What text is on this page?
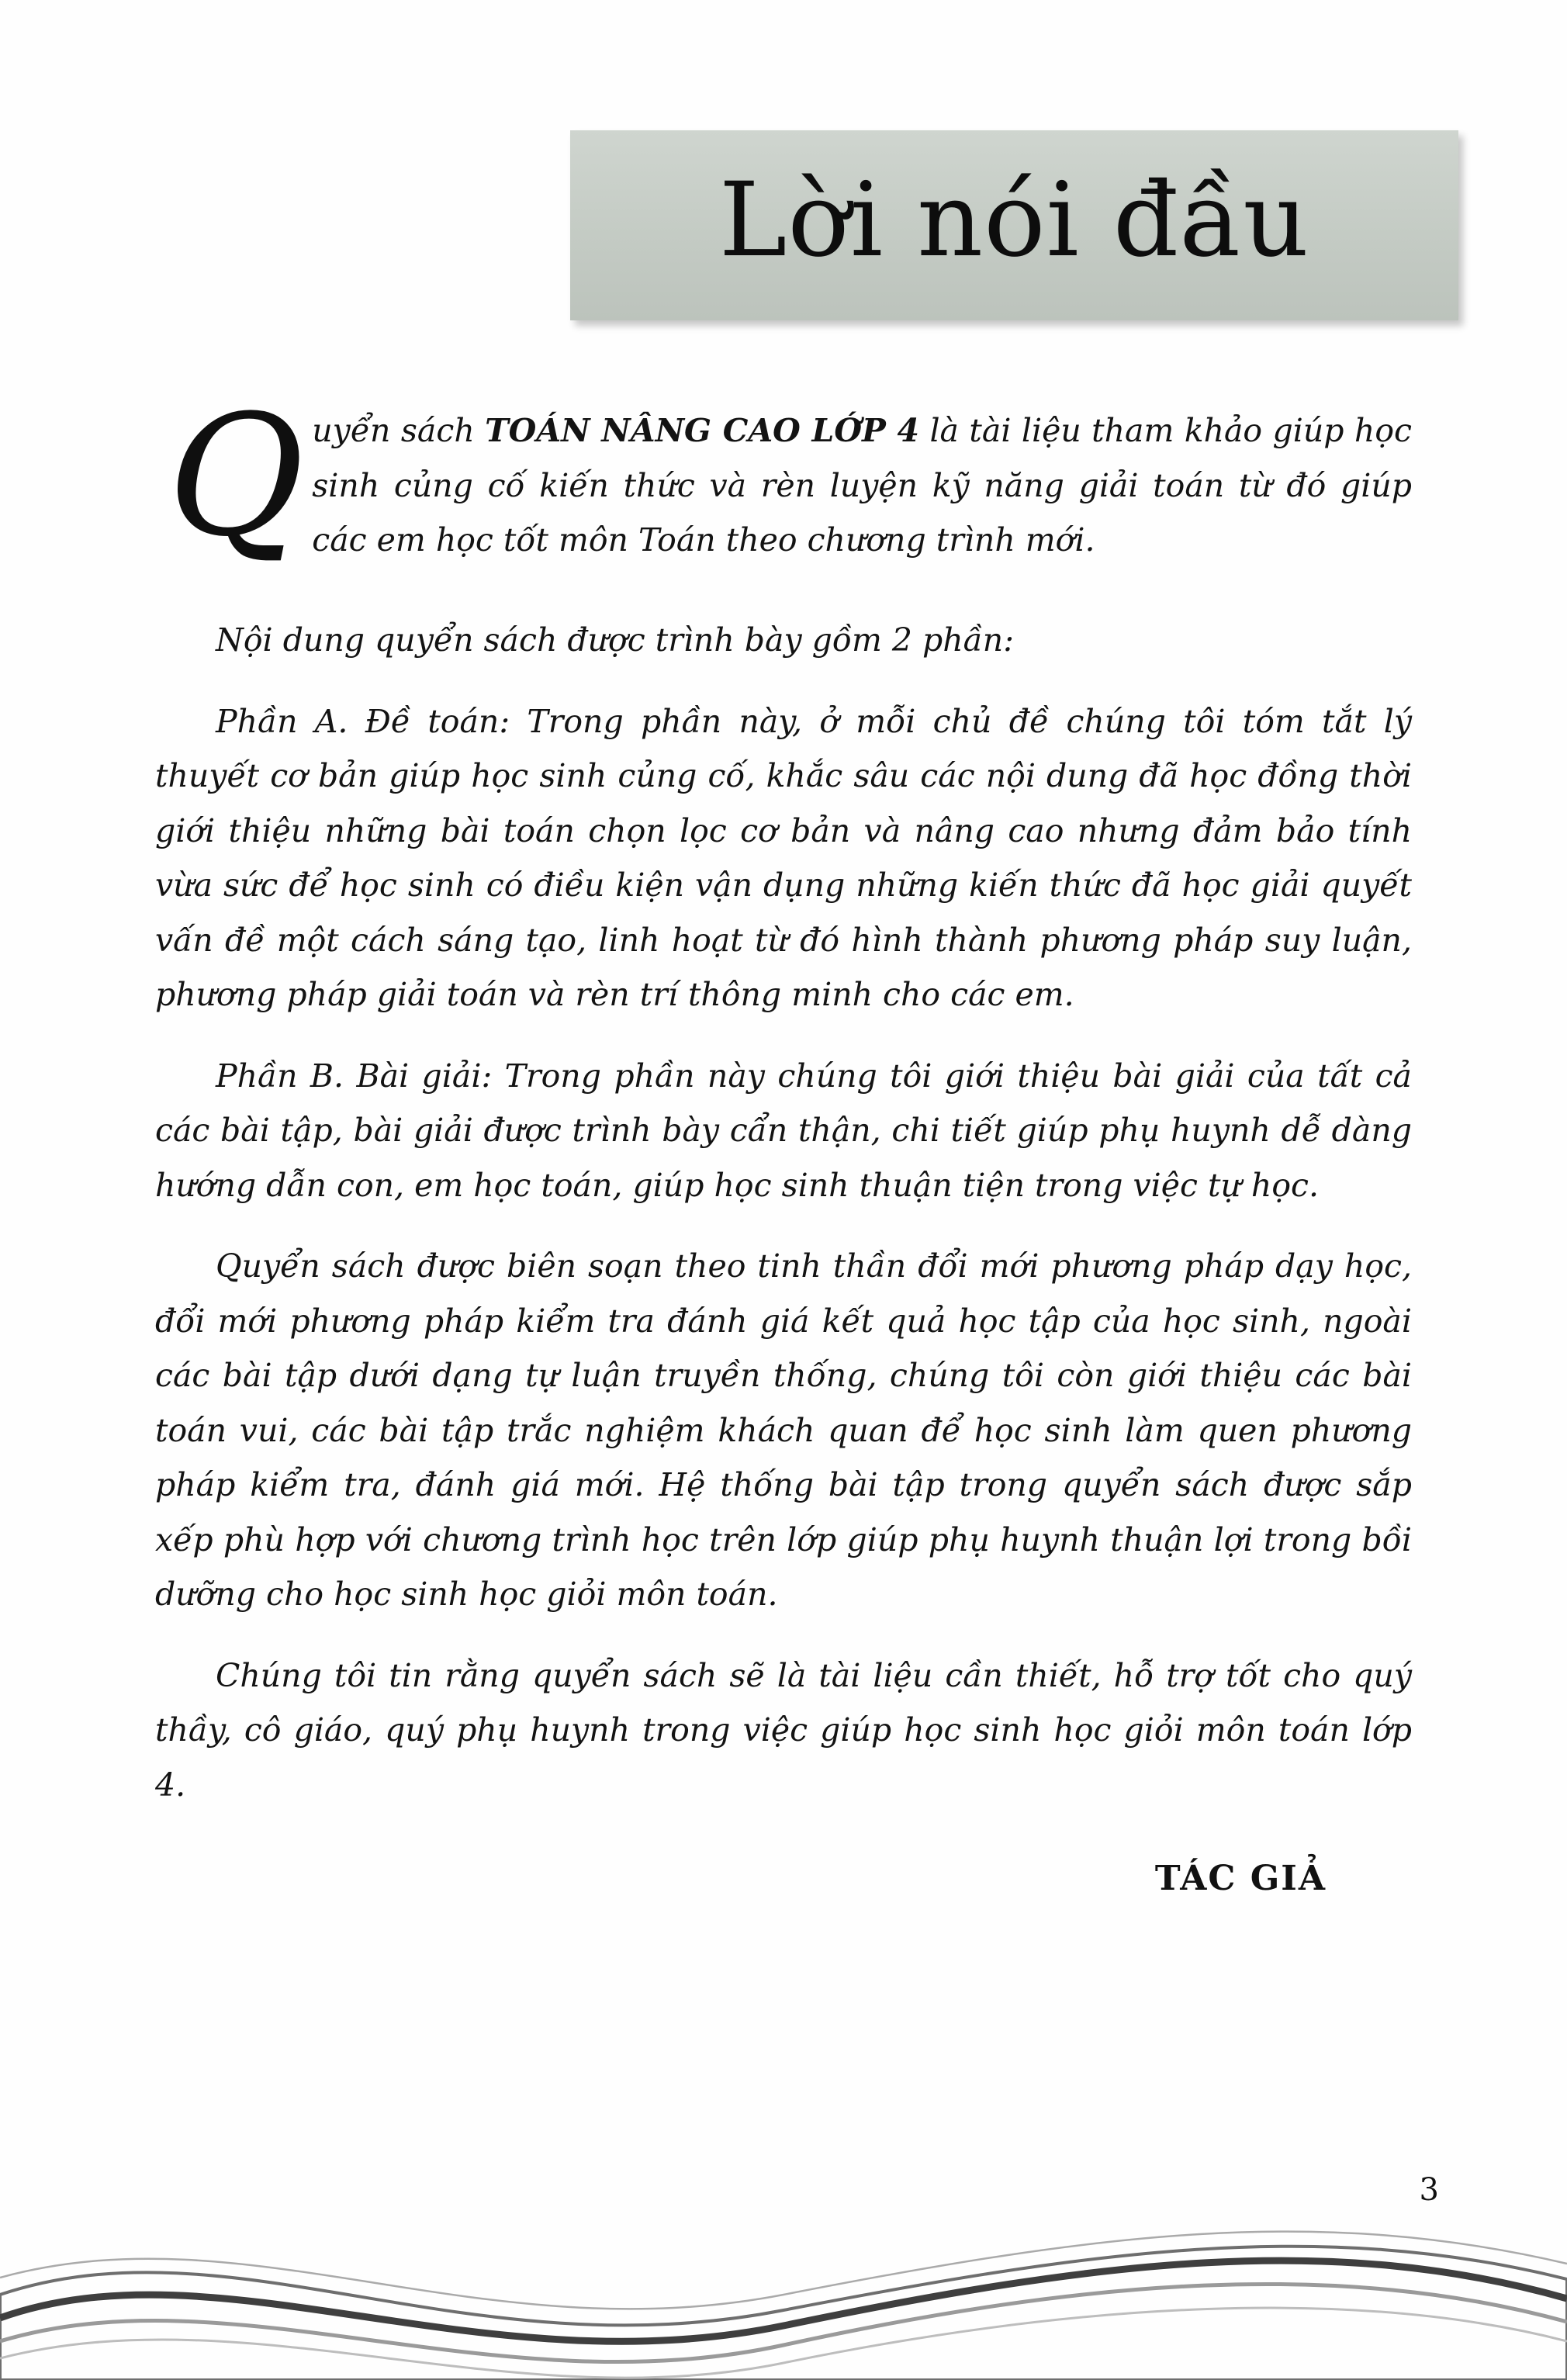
Lời nói đầu
Q uyển sách TOÁN NÂNG CAO LỚP 4 là tài liệu tham khảo giúp học sinh củng cố kiến thức và rèn luyện kỹ năng giải toán từ đó giúp các em học tốt môn Toán theo chương trình mới.

Nội dung quyển sách được trình bày gồm 2 phần:

Phần A. Đề toán: Trong phần này, ở mỗi chủ đề chúng tôi tóm tắt lý thuyết cơ bản giúp học sinh củng cố, khắc sâu các nội dung đã học đồng thời giới thiệu những bài toán chọn lọc cơ bản và nâng cao nhưng đảm bảo tính vừa sức để học sinh có điều kiện vận dụng những kiến thức đã học giải quyết vấn đề một cách sáng tạo, linh hoạt từ đó hình thành phương pháp suy luận, phương pháp giải toán và rèn trí thông minh cho các em.

Phần B. Bài giải: Trong phần này chúng tôi giới thiệu bài giải của tất cả các bài tập, bài giải được trình bày cẩn thận, chi tiết giúp phụ huynh dễ dàng hướng dẫn con, em học toán, giúp học sinh thuận tiện trong việc tự học.

Quyển sách được biên soạn theo tinh thần đổi mới phương pháp dạy học, đổi mới phương pháp kiểm tra đánh giá kết quả học tập của học sinh, ngoài các bài tập dưới dạng tự luận truyền thống, chúng tôi còn giới thiệu các bài toán vui, các bài tập trắc nghiệm khách quan để học sinh làm quen phương pháp kiểm tra, đánh giá mới. Hệ thống bài tập trong quyển sách được sắp xếp phù hợp với chương trình học trên lớp giúp phụ huynh thuận lợi trong bồi dưỡng cho học sinh học giỏi môn toán.

Chúng tôi tin rằng quyển sách sẽ là tài liệu cần thiết, hỗ trợ tốt cho quý thầy, cô giáo, quý phụ huynh trong việc giúp học sinh học giỏi môn toán lớp 4.

TÁC GIẢ
3
